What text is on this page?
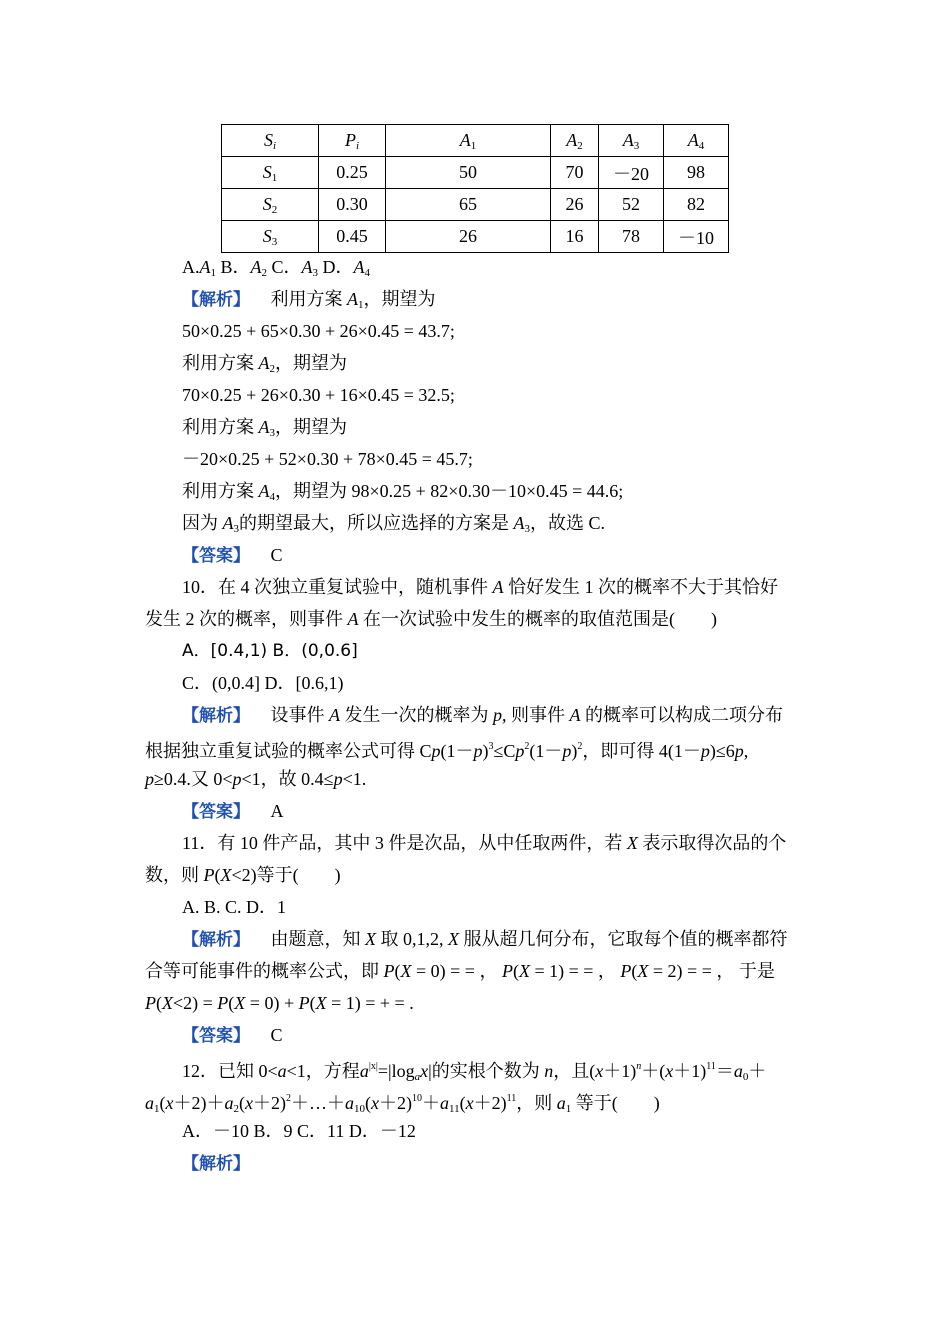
$S_i$	$P_i$	$A_1$	$A_2$	$A_3$	$A_4$
$S_1$	0.25	50	70	－20	98
$S_2$	0.30	65	26	52	82
$S_3$	0.45	26	16	78	－10
$A.A_1$ B．$A_2$ C．$A_3$ D．$A_4$
【解析】 利用方案 $A_1$，期望为
50×0.25 + 65×0.30 + 26×0.45 = 43.7;
利用方案 $A_2$，期望为
70×0.25 + 26×0.30 + 16×0.45 = 32.5;
利用方案 $A_3$，期望为
－20×0.25 + 52×0.30 + 78×0.45 = 45.7;
利用方案 $A_4$，期望为 98×0.25 + 82×0.30－10×0.45 = 44.6;
因为 $A_3$的期望最大，所以应选择的方案是 $A_3$，故选 C.
【答案】 C
10．在 4 次独立重复试验中，随机事件 A 恰好发生 1 次的概率不大于其恰好
发生 2 次的概率，则事件 A 在一次试验中发生的概率的取值范围是(　　)
A．[0.4,1) B．(0,0.6]
C．(0,0.4] D．[0.6,1)
【解析】 设事件 A 发生一次的概率为 p, 则事件 A 的概率可以构成二项分布
根据独立重复试验的概率公式可得 $Cp(1-p)^3\le Cp^2(1-p)^2$，即可得 4(1－p)≤6p,
p≥0.4.又 0<p<1，故 0.4≤p<1.
【答案】 A
11．有 10 件产品，其中 3 件是次品，从中任取两件，若 X 表示取得次品的个
数，则 P(X<2)等于(　　)
A. B. C. D．1
【解析】 由题意，知 X 取 0,1,2, X 服从超几何分布，它取每个值的概率都符
合等可能事件的概率公式，即 P(X = 0) = = ， P(X = 1) = = ， P(X = 2) = = ， 于是
P(X<2) = P(X = 0) + P(X = 1) = + = .
【答案】 C
12．已知 0<a<1，方程$a^{|x|}=|\log_ax|$的实根个数为 n，且$(x+1)^n+(x+1)^{11}=a_0+$
$a_1(x+2)+a_2(x+2)^2+\dots+a_{10}(x+2)^{10}+a_{11}(x+2)^{11}$，则 $a_1$ 等于(　　)
A．－10 B．9 C．11 D．－12
【解析】
